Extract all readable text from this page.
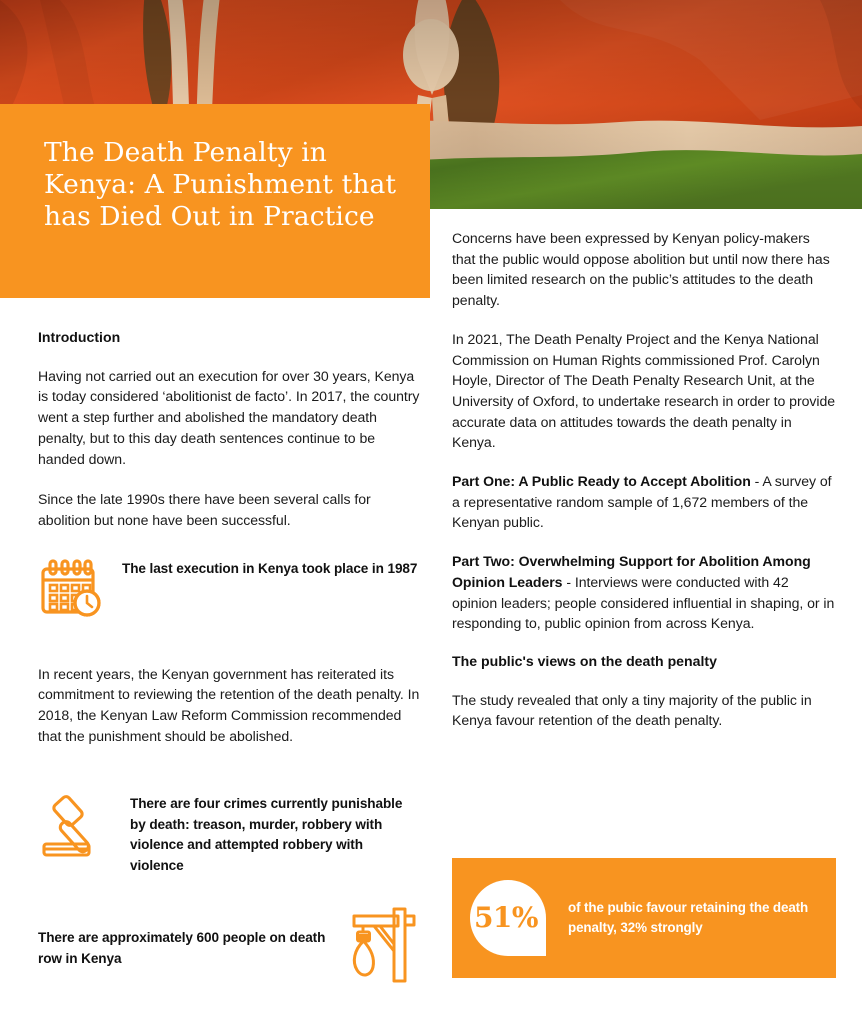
The Death Penalty in Kenya: A Punishment that has Died Out in Practice
Introduction

Having not carried out an execution for over 30 years, Kenya is today considered ‘abolitionist de facto’. In 2017, the country went a step further and abolished the mandatory death penalty, but to this day death sentences continue to be handed down.

Since the late 1990s there have been several calls for abolition but none have been successful.

The last execution in Kenya took place in 1987

In recent years, the Kenyan government has reiterated its commitment to reviewing the retention of the death penalty. In 2018, the Kenyan Law Reform Commission recommended that the punishment should be abolished.

There are four crimes currently punishable by death: treason, murder, robbery with violence and attempted robbery with violence
There are approximately 600 people on death row in Kenya

Concerns have been expressed by Kenyan policy-makers that the public would oppose abolition but until now there has been limited research on the public’s attitudes to the death penalty.

In 2021, The Death Penalty Project and the Kenya National Commission on Human Rights commissioned Prof. Carolyn Hoyle, Director of The Death Penalty Research Unit, at the University of Oxford, to undertake research in order to provide accurate data on attitudes towards the death penalty in Kenya.

Part One: A Public Ready to Accept Abolition - A survey of a representative random sample of 1,672 members of the Kenyan public.

Part Two: Overwhelming Support for Abolition Among Opinion Leaders - Interviews were conducted with 42 opinion leaders; people considered influential in shaping, or in responding to, public opinion from across Kenya.

The public's views on the death penalty

The study revealed that only a tiny majority of the public in Kenya favour retention of the death penalty.

51% of the pubic favour retaining the death penalty, 32% strongly
